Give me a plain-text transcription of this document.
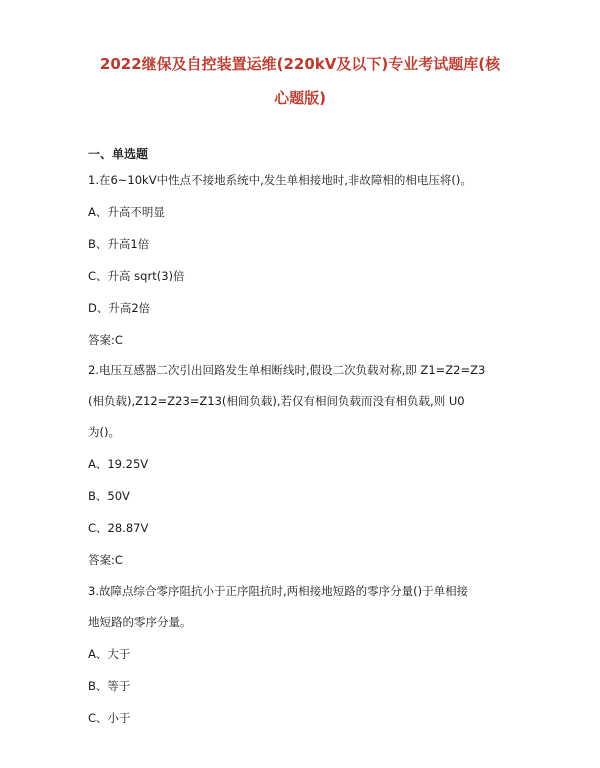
2022继保及自控装置运维(220kV及以下)专业考试题库(核
心题版)
一、单选题

1.在6~10kV中性点不接地系统中,发生单相接地时,非故障相的相电压将()。

A、升高不明显

B、升高1倍

C、升高 sqrt(3)倍

D、升高2倍

答案:C

2.电压互感器二次引出回路发生单相断线时,假设二次负载对称,即 Z1=Z2=Z3

(相负载),Z12=Z23=Z13(相间负载),若仅有相间负载而没有相负载,则 U0

为()。

A、19.25V

B、50V

C、28.87V

答案:C

3.故障点综合零序阻抗小于正序阻抗时,两相接地短路的零序分量()于单相接

地短路的零序分量。

A、大于

B、等于

C、小于
